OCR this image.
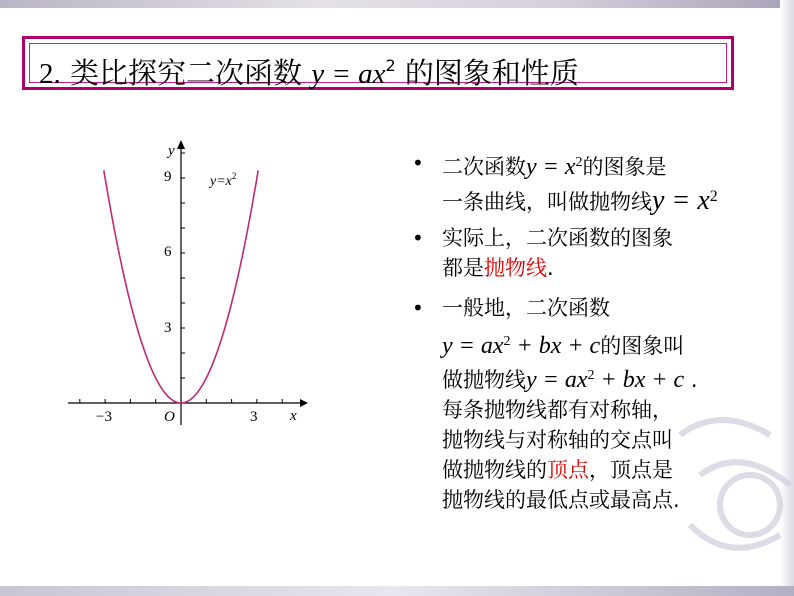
2. 类比探究二次函数 $y = ax^2$ 的图象和性质
y
x
O
9
6
3
−3	3
$y=x^2$
• 二次函数$y = x^2$的图象是
一条曲线，叫做抛物线$y = x^2$
• 实际上，二次函数的图象
都是抛物线.
• 一般地，二次函数
$y = ax^2$ + bx + c的图象叫
做抛物线$y = ax^2$ + bx + c .
每条抛物线都有对称轴，
抛物线与对称轴的交点叫
做抛物线的顶点，顶点是
抛物线的最低点或最高点.
